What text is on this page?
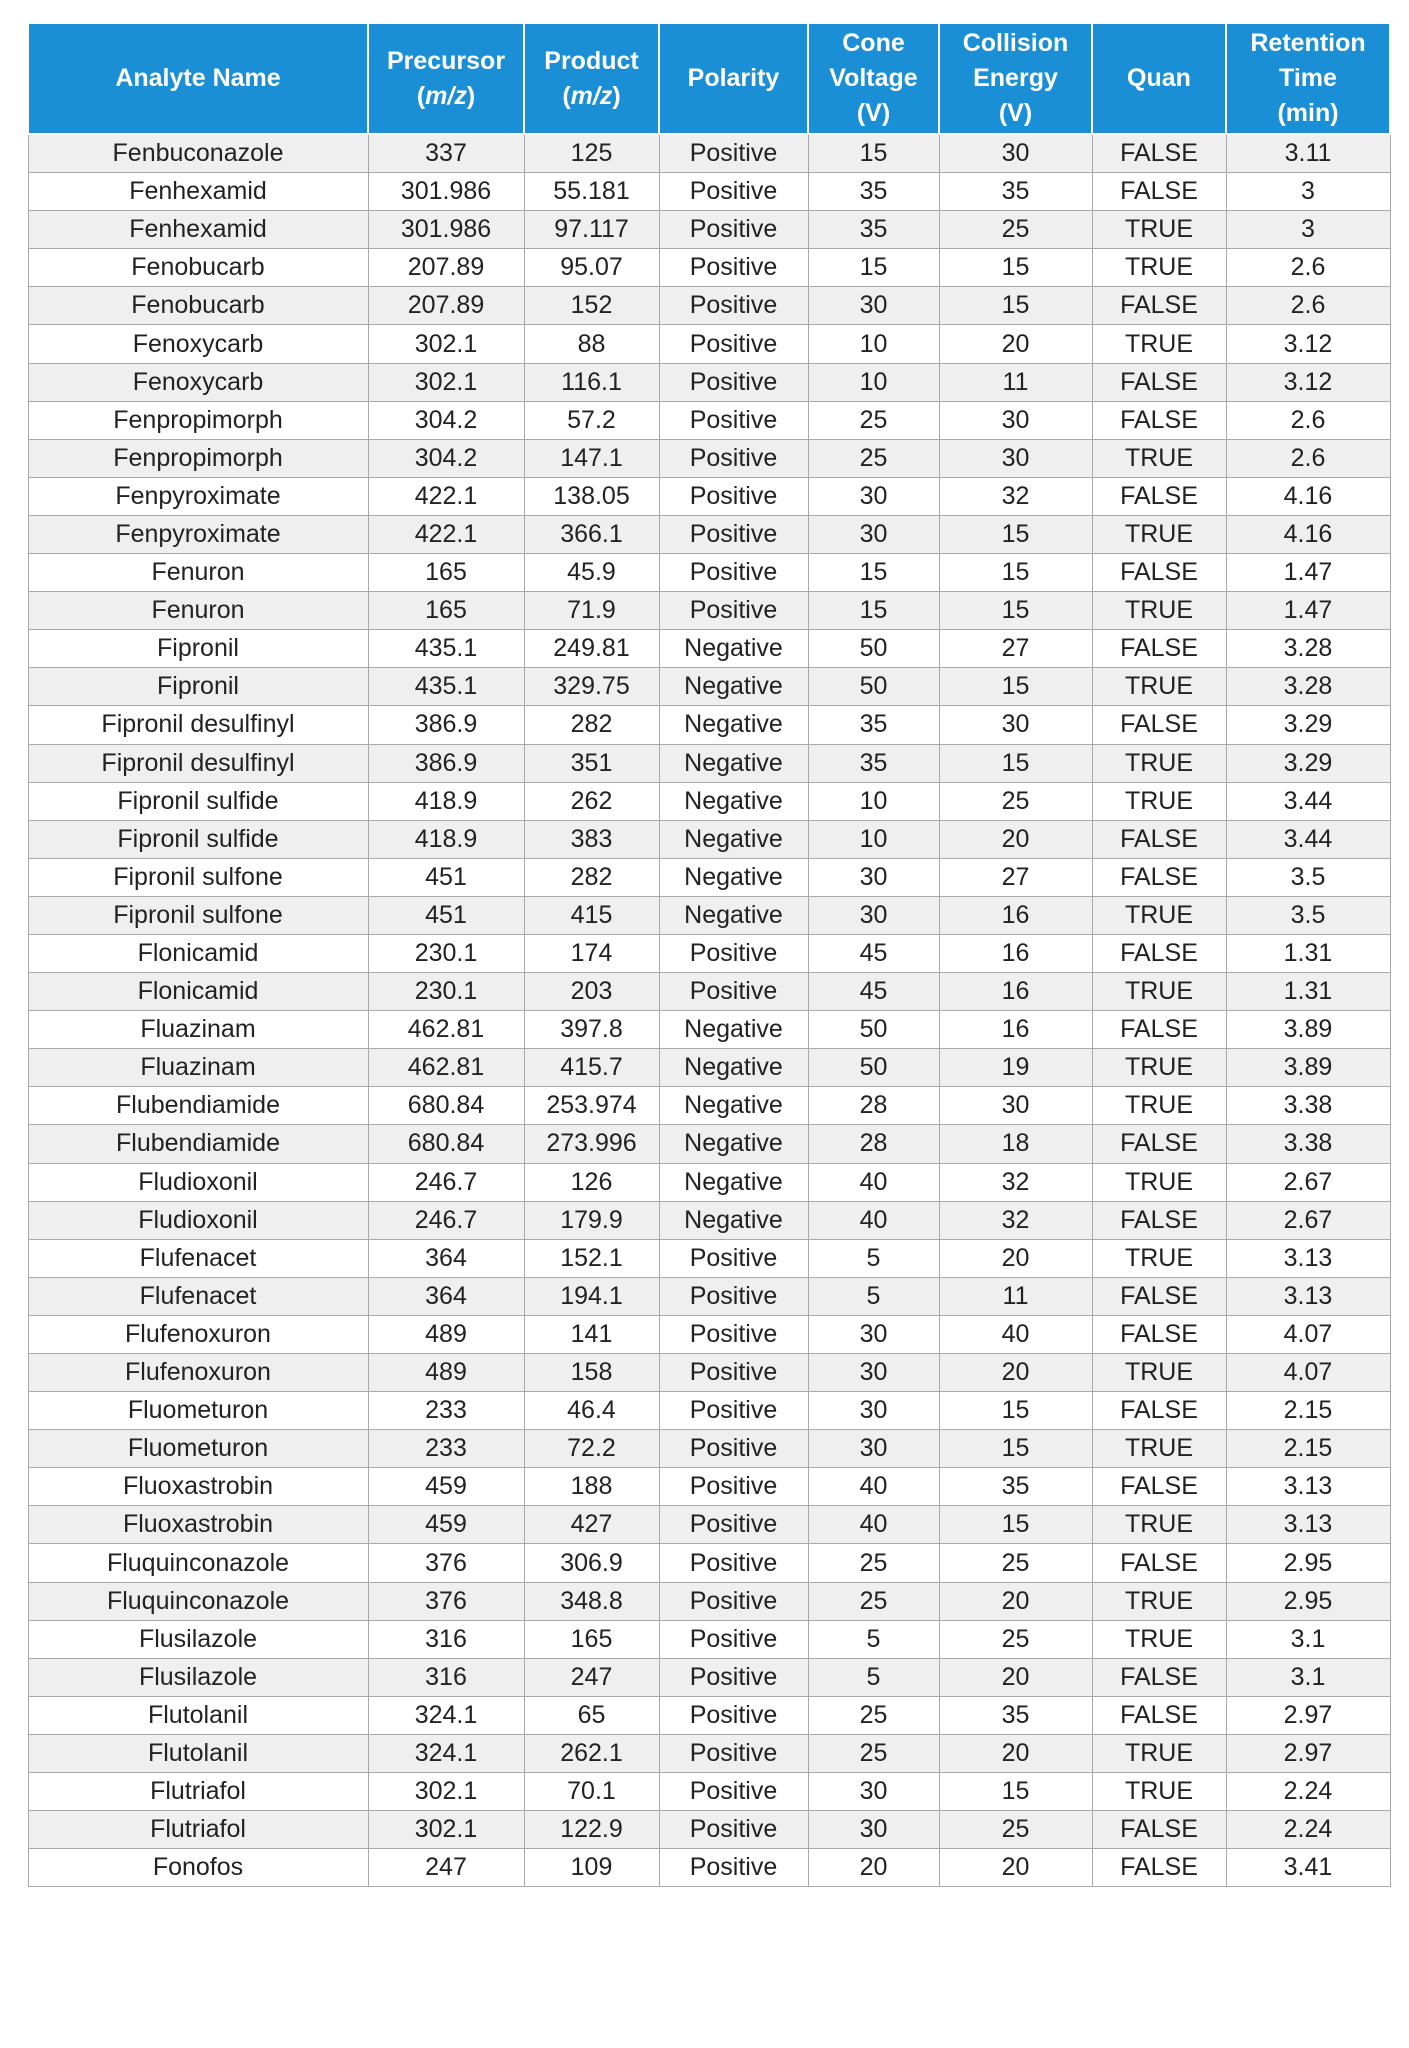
Analyte Name	Precursor
(m/z)	Product
(m/z)	Polarity	Cone
Voltage
(V)	Collision
Energy
(V)	Quan	Retention
Time
(min)

Fenbuconazole	337	125	Positive	15	30	FALSE	3.11
Fenhexamid	301.986	55.181	Positive	35	35	FALSE	3
Fenhexamid	301.986	97.117	Positive	35	25	TRUE	3
Fenobucarb	207.89	95.07	Positive	15	15	TRUE	2.6
Fenobucarb	207.89	152	Positive	30	15	FALSE	2.6
Fenoxycarb	302.1	88	Positive	10	20	TRUE	3.12
Fenoxycarb	302.1	116.1	Positive	10	11	FALSE	3.12
Fenpropimorph	304.2	57.2	Positive	25	30	FALSE	2.6
Fenpropimorph	304.2	147.1	Positive	25	30	TRUE	2.6
Fenpyroximate	422.1	138.05	Positive	30	32	FALSE	4.16
Fenpyroximate	422.1	366.1	Positive	30	15	TRUE	4.16
Fenuron	165	45.9	Positive	15	15	FALSE	1.47
Fenuron	165	71.9	Positive	15	15	TRUE	1.47
Fipronil	435.1	249.81	Negative	50	27	FALSE	3.28
Fipronil	435.1	329.75	Negative	50	15	TRUE	3.28
Fipronil desulfinyl	386.9	282	Negative	35	30	FALSE	3.29
Fipronil desulfinyl	386.9	351	Negative	35	15	TRUE	3.29
Fipronil sulfide	418.9	262	Negative	10	25	TRUE	3.44
Fipronil sulfide	418.9	383	Negative	10	20	FALSE	3.44
Fipronil sulfone	451	282	Negative	30	27	FALSE	3.5
Fipronil sulfone	451	415	Negative	30	16	TRUE	3.5
Flonicamid	230.1	174	Positive	45	16	FALSE	1.31
Flonicamid	230.1	203	Positive	45	16	TRUE	1.31
Fluazinam	462.81	397.8	Negative	50	16	FALSE	3.89
Fluazinam	462.81	415.7	Negative	50	19	TRUE	3.89
Flubendiamide	680.84	253.974	Negative	28	30	TRUE	3.38
Flubendiamide	680.84	273.996	Negative	28	18	FALSE	3.38
Fludioxonil	246.7	126	Negative	40	32	TRUE	2.67
Fludioxonil	246.7	179.9	Negative	40	32	FALSE	2.67
Flufenacet	364	152.1	Positive	5	20	TRUE	3.13
Flufenacet	364	194.1	Positive	5	11	FALSE	3.13
Flufenoxuron	489	141	Positive	30	40	FALSE	4.07
Flufenoxuron	489	158	Positive	30	20	TRUE	4.07
Fluometuron	233	46.4	Positive	30	15	FALSE	2.15
Fluometuron	233	72.2	Positive	30	15	TRUE	2.15
Fluoxastrobin	459	188	Positive	40	35	FALSE	3.13
Fluoxastrobin	459	427	Positive	40	15	TRUE	3.13
Fluquinconazole	376	306.9	Positive	25	25	FALSE	2.95
Fluquinconazole	376	348.8	Positive	25	20	TRUE	2.95
Flusilazole	316	165	Positive	5	25	TRUE	3.1
Flusilazole	316	247	Positive	5	20	FALSE	3.1
Flutolanil	324.1	65	Positive	25	35	FALSE	2.97
Flutolanil	324.1	262.1	Positive	25	20	TRUE	2.97
Flutriafol	302.1	70.1	Positive	30	15	TRUE	2.24
Flutriafol	302.1	122.9	Positive	30	25	FALSE	2.24
Fonofos	247	109	Positive	20	20	FALSE	3.41
